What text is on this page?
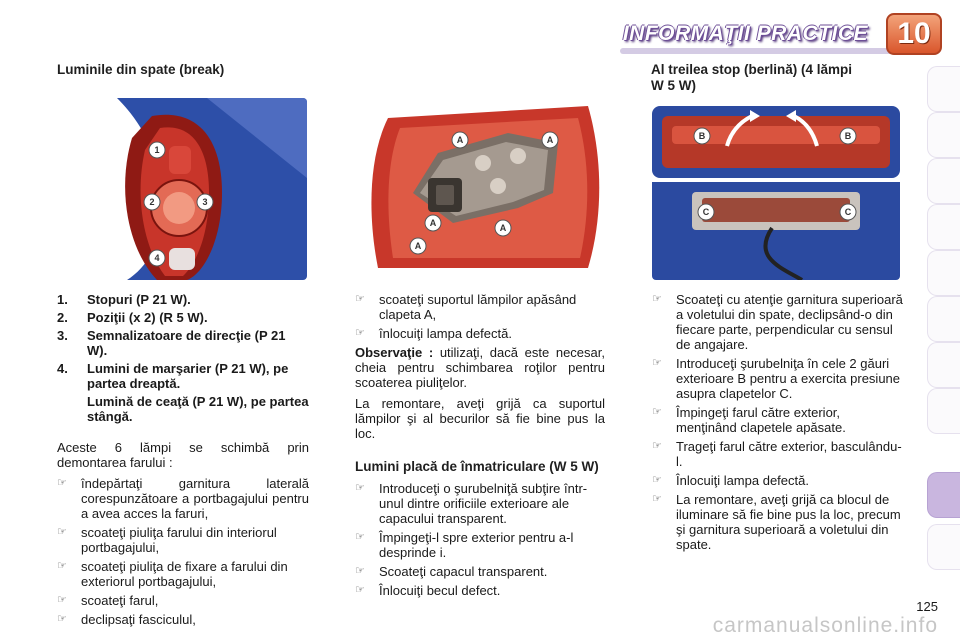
INFORMAŢII PRACTICE 10
Luminile din spate (break)	Al treilea stop (berlină) (4 lămpi W 5 W)
1
2	3
4
A	A
A	A
A
B	B
C	C
1.	Stopuri (P 21 W).
2.	Poziţii (x 2) (R 5 W).
3.	Semnalizatoare de direcţie (P 21 W).
4.	Lumini de marşarier (P 21 W), pe partea dreaptă.
Lumină de ceaţă (P 21 W), pe partea stângă.

Aceste 6 lămpi se schimbă prin demontarea farului :

☞	îndepărtaţi garnitura laterală corespunzătoare a portbagajului pentru a avea acces la faruri,
☞	scoateţi piuliţa farului din interiorul portbagajului,
☞	scoateţi piuliţa de fixare a farului din exteriorul portbagajului,
☞	scoateţi farul,
☞	declipsaţi fasciculul,
☞	scoateţi suportul lămpilor apăsând clapeta A,
☞	înlocuiţi lampa defectă.

Observaţie : utilizaţi, dacă este necesar, cheia pentru schimbarea roţilor pentru scoaterea piuliţelor.

La remontare, aveţi grijă ca suportul lămpilor şi al becurilor să fie bine pus la loc.

Lumini placă de înmatriculare (W 5 W)
☞	Introduceţi o şurubelniţă subţire într-unul dintre orificiile exterioare ale capacului transparent.
☞	Împingeţi-l spre exterior pentru a-l desprinde i.
☞	Scoateţi capacul transparent.
☞	Înlocuiţi becul defect.
☞	Scoateţi cu atenţie garnitura superioară a voletului din spate, declipsând-o din fiecare parte, perpendicular cu sensul de angajare.
☞	Introduceţi şurubelniţa în cele 2 găuri exterioare B pentru a exercita presiune asupra clapetelor C.
☞	Împingeţi farul către exterior, menţinând clapetele apăsate.
☞	Trageţi farul către exterior, basculându-l.
☞	Înlocuiţi lampa defectă.
☞	La remontare, aveţi grijă ca blocul de iluminare să fie bine pus la loc, precum şi garnitura superioară a voletului din spate.
125
carmanualsonline.info
